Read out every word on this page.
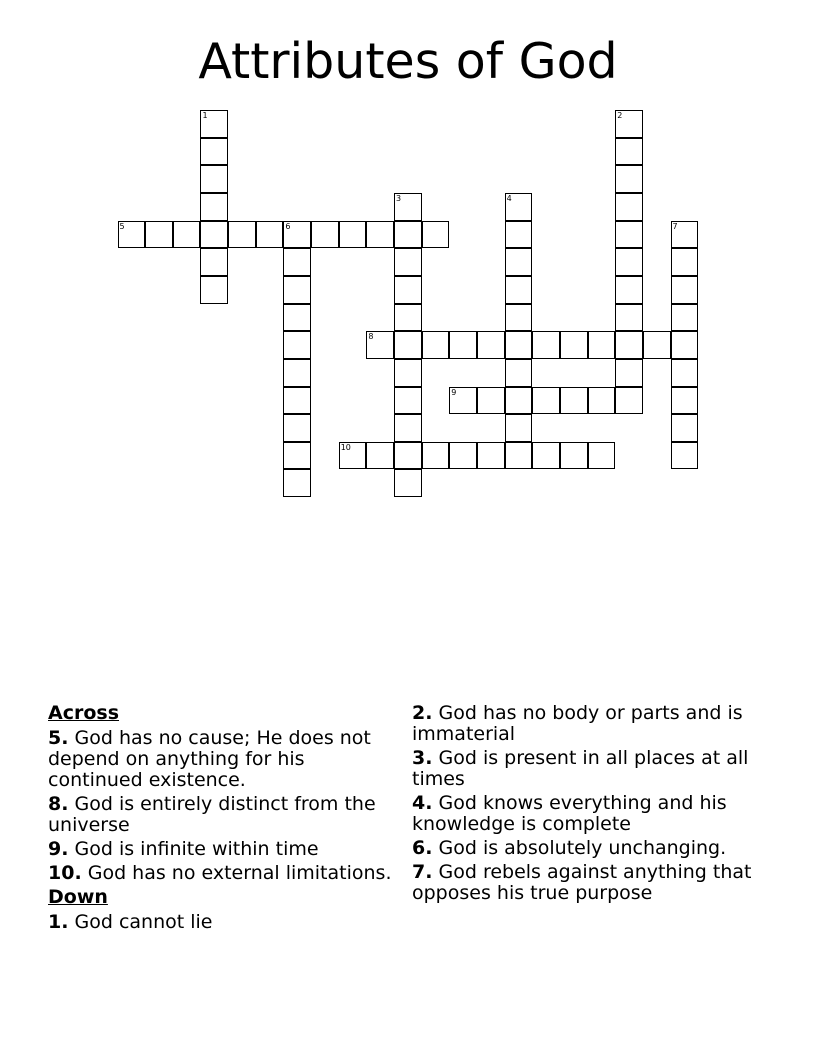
Attributes of God
1	2
3	4
5	6	7
8
9
10
Across
5. God has no cause; He does not depend on anything for his continued existence.
8. God is entirely distinct from the universe
9. God is infinite within time
10. God has no external limitations.
Down
1. God cannot lie
2. God has no body or parts and is immaterial
3. God is present in all places at all times
4. God knows everything and his knowledge is complete
6. God is absolutely unchanging.
7. God rebels against anything that opposes his true purpose
